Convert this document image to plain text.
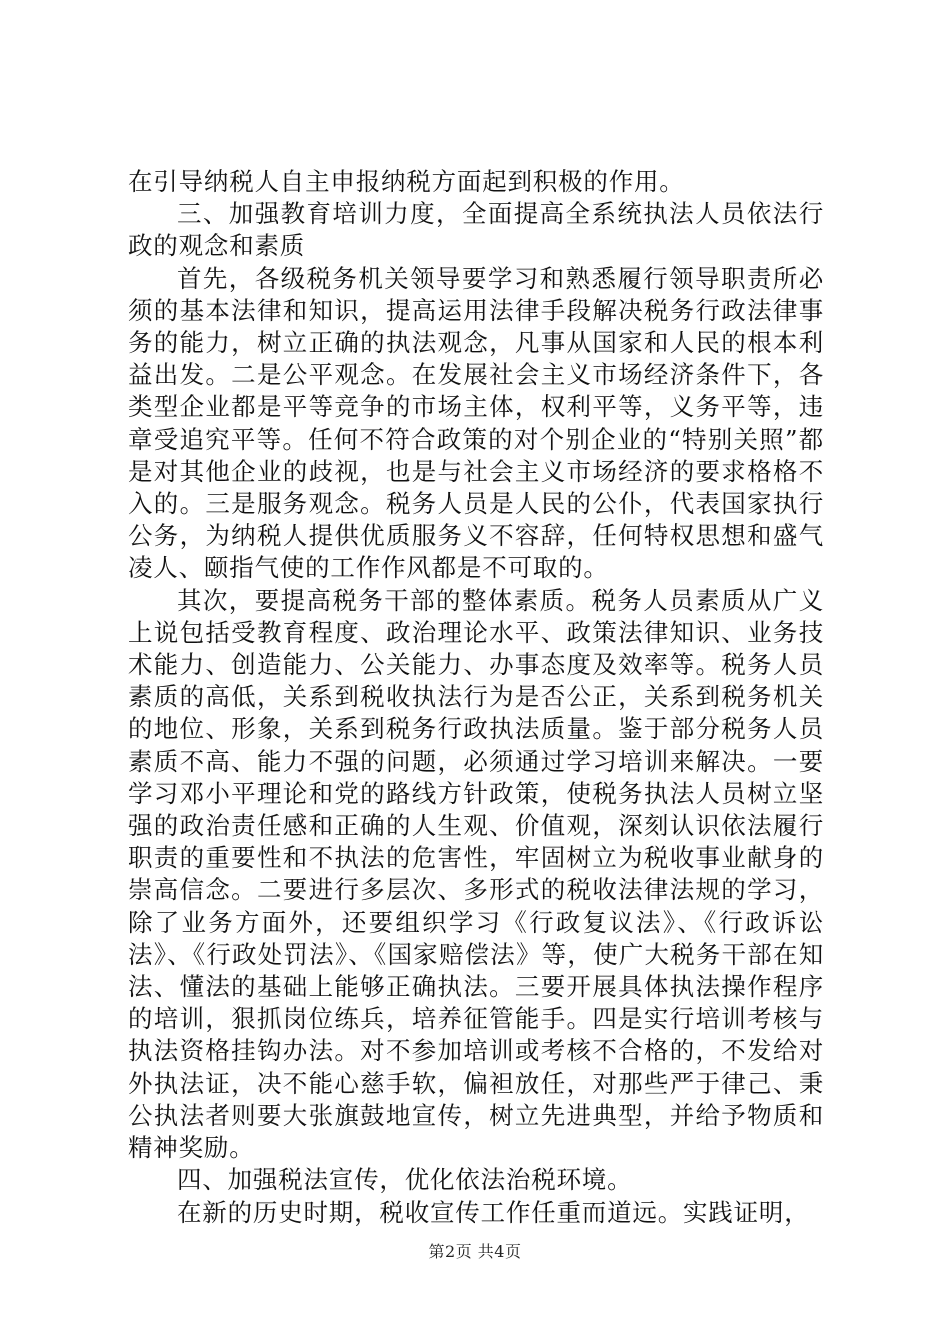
在引导纳税人自主申报纳税方面起到积极的作用。

三、加强教育培训力度，全面提高全系统执法人员依法行政的观念和素质

首先，各级税务机关领导要学习和熟悉履行领导职责所必须的基本法律和知识，提高运用法律手段解决税务行政法律事务的能力，树立正确的执法观念，凡事从国家和人民的根本利益出发。二是公平观念。在发展社会主义市场经济条件下，各类型企业都是平等竞争的市场主体，权利平等，义务平等，违章受追究平等。任何不符合政策的对个别企业的“特别关照”都是对其他企业的歧视，也是与社会主义市场经济的要求格格不入的。三是服务观念。税务人员是人民的公仆，代表国家执行公务，为纳税人提供优质服务义不容辞，任何特权思想和盛气凌人、颐指气使的工作作风都是不可取的。

其次，要提高税务干部的整体素质。税务人员素质从广义上说包括受教育程度、政治理论水平、政策法律知识、业务技术能力、创造能力、公关能力、办事态度及效率等。税务人员素质的高低，关系到税收执法行为是否公正，关系到税务机关的地位、形象，关系到税务行政执法质量。鉴于部分税务人员素质不高、能力不强的问题，必须通过学习培训来解决。一要学习邓小平理论和党的路线方针政策，使税务执法人员树立坚强的政治责任感和正确的人生观、价值观，深刻认识依法履行职责的重要性和不执法的危害性，牢固树立为税收事业献身的崇高信念。二要进行多层次、多形式的税收法律法规的学习，除了业务方面外，还要组织学习《行政复议法》、《行政诉讼法》、《行政处罚法》、《国家赔偿法》等，使广大税务干部在知法、懂法的基础上能够正确执法。三要开展具体执法操作程序的培训，狠抓岗位练兵，培养征管能手。四是实行培训考核与执法资格挂钩办法。对不参加培训或考核不合格的，不发给对外执法证，决不能心慈手软，偏袒放任，对那些严于律己、秉公执法者则要大张旗鼓地宣传，树立先进典型，并给予物质和精神奖励。

四、加强税法宣传，优化依法治税环境。

在新的历史时期，税收宣传工作任重而道远。实践证明，

第2页 共4页
